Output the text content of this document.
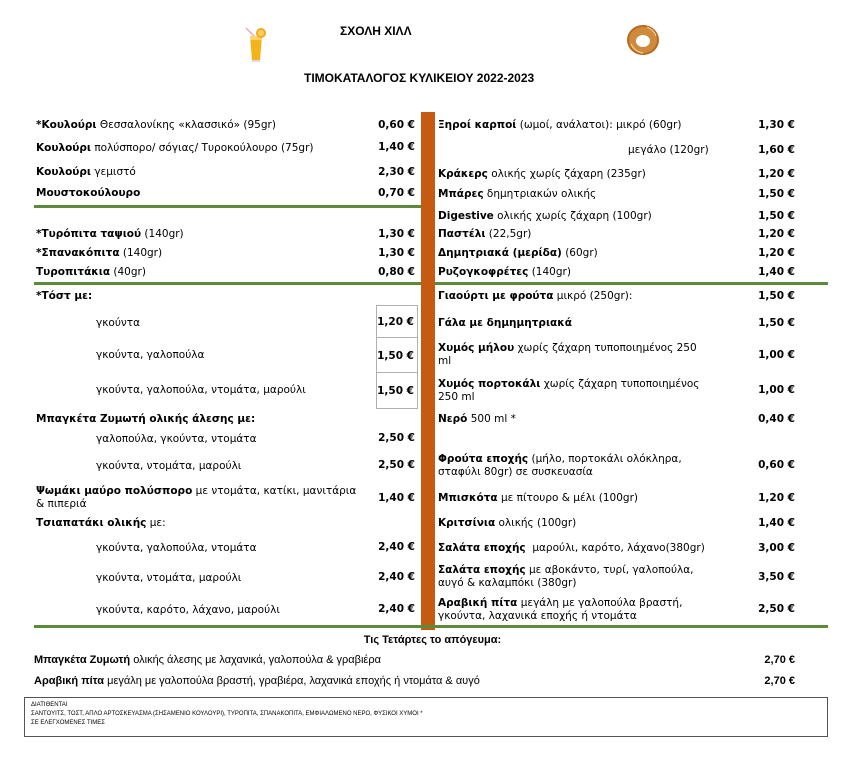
ΣΧΟΛΗ ΧΙΛΛ
ΤΙΜΟΚΑΤΑΛΟΓΟΣ ΚΥΛΙΚΕΙΟΥ 2022-2023
*Κουλούρι Θεσσαλονίκης «κλασσικό» (95gr)	0,60 €
Κουλούρι πολύσπορο/ σόγιας/ Τυροκούλουρο (75gr)	1,40 €
Κουλούρι γεμιστό	2,30 €
Μουστοκούλουρο	0,70 €
*Τυρόπιτα ταψιού (140gr)	1,30 €
*Σπανακόπιτα (140gr)	1,30 €
Τυροπιτάκια (40gr)	0,80 €
*Τόστ με:
γκούντα	1,20 €
γκούντα, γαλοπούλα	1,50 €
γκούντα, γαλοπούλα, ντομάτα, μαρούλι	1,50 €
Μπαγκέτα Ζυμωτή ολικής άλεσης με:
γαλοπούλα, γκούντα, ντομάτα	2,50 €
γκούντα, ντομάτα, μαρούλι	2,50 €
Ψωμάκι μαύρο πολύσπορο με ντομάτα, κατίκι, μανιτάρια
& πιπεριά	1,40 €
Τσιαπατάκι ολικής με:
γκούντα, γαλοπούλα, ντομάτα	2,40 €
γκούντα, ντομάτα, μαρούλι	2,40 €
γκούντα, καρότο, λάχανο, μαρούλι	2,40 €
Ξηροί καρποί (ωμοί, ανάλατοι): μικρό (60gr)	1,30 €
μεγάλο (120gr)	1,60 €
Κράκερς ολικής χωρίς ζάχαρη (235gr)	1,20 €
Μπάρες δημητριακών ολικής	1,50 €
Digestive ολικής χωρίς ζάχαρη (100gr)	1,50 €
Παστέλι (22,5gr)	1,20 €
Δημητριακά (μερίδα) (60gr)	1,20 €
Ρυζογκοφρέτες (140gr)	1,40 €
Γιαούρτι με φρούτα μικρό (250gr):	1,50 €
Γάλα με δημημητριακά	1,50 €
Χυμός μήλου χωρίς ζάχαρη τυποποιημένος 250
ml	1,00 €
Χυμός πορτοκάλι χωρίς ζάχαρη τυποποιημένος
250 ml
1,00 €
Νερό 500 ml *	0,40 €
Φρούτα εποχής (μήλο, πορτοκάλι ολόκληρα,
σταφύλι 80gr) σε συσκευασία
0,60 €
Μπισκότα με πίτουρο & μέλι (100gr)	1,20 €
Κριτσίνια ολικής (100gr)	1,40 €
Σαλάτα εποχής  μαρούλι, καρότο, λάχανο(380gr)	3,00 €
Σαλάτα εποχής με αβοκάντο, τυρί, γαλοπούλα,
αυγό & καλαμπόκι (380gr)	3,50 €
Αραβική πίτα μεγάλη με γαλοπούλα βραστή,
γκούντα, λαχανικά εποχής ή ντομάτα
2,50 €
Τις Τετάρτες το απόγευμα:
Μπαγκέτα Ζυμωτή ολικής άλεσης με λαχανικά, γαλοπούλα & γραβιέρα	2,70 €
Αραβική πίτα μεγάλη με γαλοπούλα βραστή, γραβιέρα, λαχανικά εποχής ή ντομάτα & αυγό	2,70 €
ΔΙΑΤΙΘΕΝΤΑΙ
ΣΑΝΤΟΥΙΤΣ, ΤΟΣΤ, ΑΠΛΟ ΑΡΤΟΣΚΕΥΑΣΜΑ (ΣΗΣΑΜΕΝΙΟ ΚΟΥΛΟΥΡΙ), ΤΥΡΟΠΙΤΑ, ΣΠΑΝΑΚΟΠΙΤΑ, ΕΜΦΙΑΛΩΜΕΝΟ ΝΕΡΟ, ΦΥΣΙΚΟΙ ΧΥΜΟΙ *
ΣΕ ΕΛΕΓΧΟΜΕΝΕΣ ΤΙΜΕΣ
